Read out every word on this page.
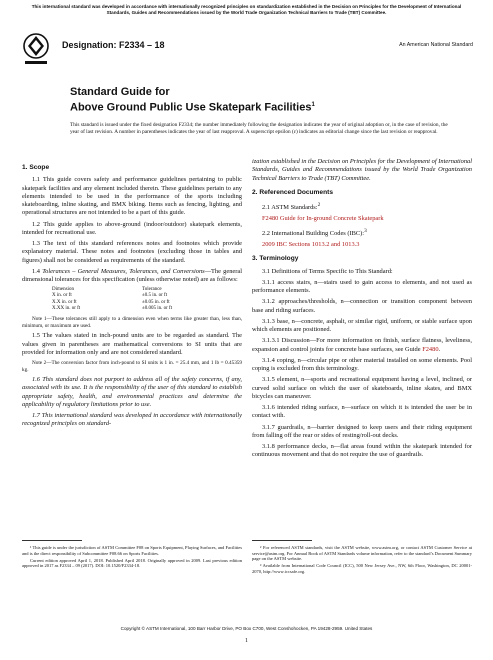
This international standard was developed in accordance with internationally recognized principles on standardization established in the Decision on Principles for the Development of International Standards, Guides and Recommendations issued by the World Trade Organization Technical Barriers to Trade (TBT) Committee.
Designation: F2334 – 18	An American National Standard
Standard Guide for
Above Ground Public Use Skatepark Facilities$^1$
This standard is issued under the fixed designation F2334; the number immediately following the designation indicates the year of original adoption or, in the case of revision, the year of last revision. A number in parentheses indicates the year of last reapproval. A superscript epsilon (ε) indicates an editorial change since the last revision or reapproval.
1. Scope

1.1 This guide covers safety and performance guidelines pertaining to public skatepark facilities and any element included therein. These guidelines pertain to any elements intended to be used in the performance of the sports including skateboarding, inline skating, and BMX biking. Items such as fencing, lighting, and operational structures are not intended to be a part of this guide.

1.2 This guide applies to above-ground (indoor/outdoor) skatepark elements, intended for recreational use.

1.3 The text of this standard references notes and footnotes which provide explanatory material. These notes and footnotes (excluding those in tables and figures) shall not be considered as requirements of the standard.

1.4 Tolerances – General Measures, Tolerances, and Conversions—The general dimensional tolerances for this specification (unless otherwise noted) are as follows:

Dimension	Tolerance
X in. or ft	±0.5 in. or ft
X.X in. or ft	±0.05 in. or ft
X.XX in. or ft	±0.005 in. or ft

Note 1—These tolerances still apply to a dimension even when terms like greater than, less than, minimum, or maximum are used.

1.5 The values stated in inch-pound units are to be regarded as standard. The values given in parentheses are mathematical conversions to SI units that are provided for information only and are not considered standard.

Note 2—The conversion factor from inch-pound to SI units is 1 in. = 25.4 mm, and 1 lb = 0.45359 kg.

1.6 This standard does not purport to address all of the safety concerns, if any, associated with its use. It is the responsibility of the user of this standard to establish appropriate safety, health, and environmental practices and determine the applicability of regulatory limitations prior to use.

1.7 This international standard was developed in accordance with internationally recognized principles on standard-

ization established in the Decision on Principles for the Development of International Standards, Guides and Recommendations issued by the World Trade Organization Technical Barriers to Trade (TBT) Committee.

2. Referenced Documents

2.1 ASTM Standards:$^2$

F2480 Guide for In-ground Concrete Skatepark

2.2 International Building Codes (IBC):$^3$

2009 IBC Sections 1013.2 and 1013.3

3. Terminology

3.1 Definitions of Terms Specific to This Standard:

3.1.1 access stairs, n—stairs used to gain access to elements, and not used as performance elements.

3.1.2 approaches/thresholds, n—connection or transition component between base and riding surfaces.

3.1.3 base, n—concrete, asphalt, or similar rigid, uniform, or stable surface upon which elements are positioned.

3.1.3.1 Discussion—For more information on finish, surface flatness, leveliness, expansion and control joints for concrete base surfaces, see Guide F2480.

3.1.4 coping, n—circular pipe or other material installed on some elements. Pool coping is excluded from this terminology.

3.1.5 element, n—sports and recreational equipment having a level, inclined, or curved solid surface on which the user of skateboards, inline skates, and BMX bicycles can maneuver.

3.1.6 intended riding surface, n—surface on which it is intended the user be in contact with.

3.1.7 guardrails, n—barrier designed to keep users and their riding equipment from falling off the rear or sides of resting/roll-out decks.

3.1.8 performance decks, n—flat areas found within the skatepark intended for continuous movement and that do not require the use of guardrails.

¹ This guide is under the jurisdiction of ASTM Committee F08 on Sports Equipment, Playing Surfaces, and Facilities and is the direct responsibility of Subcommittee F08.66 on Sports Facilities.

Current edition approved April 1, 2018. Published April 2018. Originally approved in 2009. Last previous edition approved in 2017 as F2334 – 09 (2017). DOI: 10.1520/F2334-18.

² For referenced ASTM standards, visit the ASTM website, www.astm.org, or contact ASTM Customer Service at service@astm.org. For Annual Book of ASTM Standards volume information, refer to the standard’s Document Summary page on the ASTM website.

³ Available from International Code Council (ICC), 500 New Jersey Ave., NW, 6th Floor, Washington, DC 20001-2070, http://www.iccsafe.org.

Copyright © ASTM International, 100 Barr Harbor Drive, PO Box C700, West Conshohocken, PA 19428-2959. United States
1
